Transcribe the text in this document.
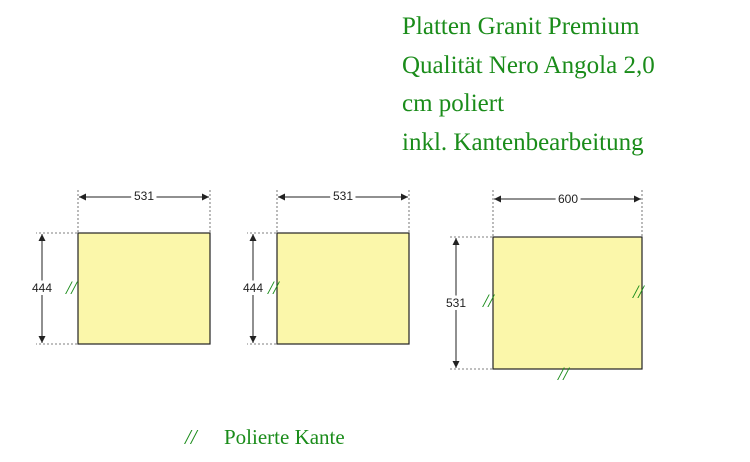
Platten Granit Premium
Qualität Nero Angola 2,0
cm poliert
inkl. Kantenbearbeitung
531
444 //
531
444 //
600
531 //	//
//
// Polierte Kante
